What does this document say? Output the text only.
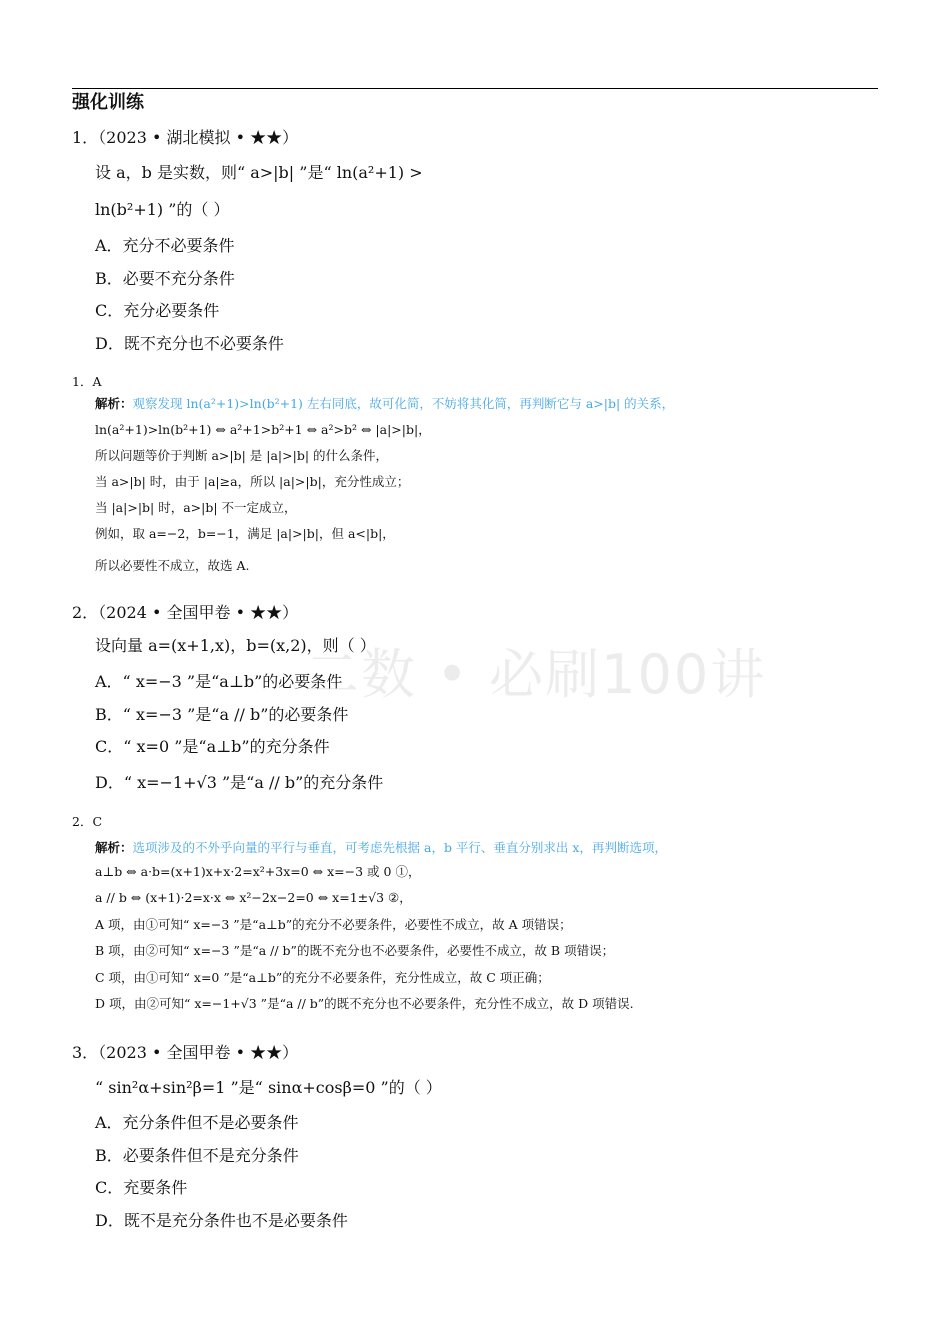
二数 • 必刷100讲
强化训练
1．（2023 • 湖北模拟 • ★★）
设 a，b 是实数，则“ a>|b| ”是“ ln(a²+1) >
ln(b²+1) ”的（ ）
A．充分不必要条件
B．必要不充分条件
C．充分必要条件
D．既不充分也不必要条件
1．A
解析：观察发现 ln(a²+1)>ln(b²+1) 左右同底，故可化简，不妨将其化简，再判断它与 a>|b| 的关系，
ln(a²+1)>ln(b²+1) ⇔ a²+1>b²+1 ⇔ a²>b² ⇔ |a|>|b|，
所以问题等价于判断 a>|b| 是 |a|>|b| 的什么条件，
当 a>|b| 时，由于 |a|≥a，所以 |a|>|b|，充分性成立；
当 |a|>|b| 时，a>|b| 不一定成立，
例如，取 a=−2，b=−1，满足 |a|>|b|，但 a<|b|，
所以必要性不成立，故选 A.
2．（2024 • 全国甲卷 • ★★）
设向量 a=(x+1,x)，b=(x,2)，则（ ）
A．“ x=−3 ”是“a⊥b”的必要条件
B．“ x=−3 ”是“a // b”的必要条件
C．“ x=0 ”是“a⊥b”的充分条件
D．“ x=−1+√3 ”是“a // b”的充分条件
2．C
解析：选项涉及的不外乎向量的平行与垂直，可考虑先根据 a，b 平行、垂直分别求出 x，再判断选项，
a⊥b ⇔ a·b=(x+1)x+x·2=x²+3x=0 ⇔ x=−3 或 0 ①，
a // b ⇔ (x+1)·2=x·x ⇔ x²−2x−2=0 ⇔ x=1±√3 ②，
A 项，由①可知“ x=−3 ”是“a⊥b”的充分不必要条件，必要性不成立，故 A 项错误；
B 项，由②可知“ x=−3 ”是“a // b”的既不充分也不必要条件，必要性不成立，故 B 项错误；
C 项，由①可知“ x=0 ”是“a⊥b”的充分不必要条件，充分性成立，故 C 项正确；
D 项，由②可知“ x=−1+√3 ”是“a // b”的既不充分也不必要条件，充分性不成立，故 D 项错误.
3．（2023 • 全国甲卷 • ★★）
“ sin²α+sin²β=1 ”是“ sinα+cosβ=0 ”的（ ）
A．充分条件但不是必要条件
B．必要条件但不是充分条件
C．充要条件
D．既不是充分条件也不是必要条件
